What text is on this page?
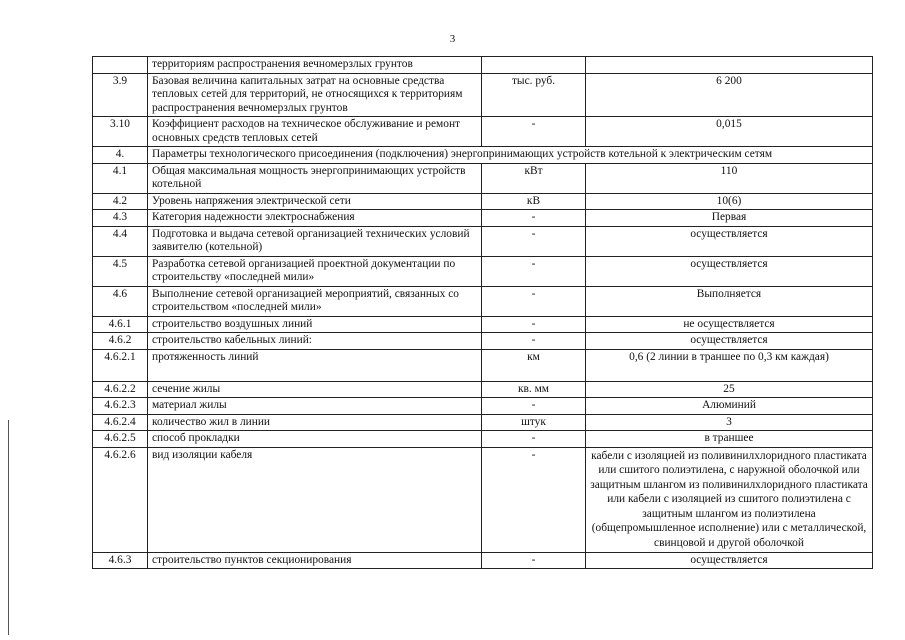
3
	территориям распространения вечномерзлых грунтов		
3.9	Базовая величина капитальных затрат на основные средства тепловых сетей для территорий, не относящихся к территориям распространения вечномерзлых грунтов	тыс. руб.	6 200
3.10	Коэффициент расходов на техническое обслуживание и ремонт основных средств тепловых сетей	-	0,015
4.	Параметры технологического присоединения (подключения) энергопринимающих устройств котельной к электрическим сетям		
4.1	Общая максимальная мощность энергопринимающих устройств котельной	кВт	110
4.2	Уровень напряжения электрической сети	кВ	10(6)
4.3	Категория надежности электроснабжения	-	Первая
4.4	Подготовка и выдача сетевой организацией технических условий заявителю (котельной)	-	осуществляется
4.5	Разработка сетевой организацией проектной документации по строительству «последней мили»	-	осуществляется
4.6	Выполнение сетевой организацией мероприятий, связанных со строительством «последней мили»	-	Выполняется
4.6.1	строительство воздушных линий	-	не осуществляется
4.6.2	строительство кабельных линий:	-	осуществляется
4.6.2.1	протяженность линий	км	0,6 (2 линии в траншее по 0,3 км каждая)
4.6.2.2	сечение жилы	кв. мм	25
4.6.2.3	материал жилы	-	Алюминий
4.6.2.4	количество жил в линии	штук	3
4.6.2.5	способ прокладки	-	в траншее
4.6.2.6	вид изоляции кабеля	-	кабели с изоляцией из поливинилхлоридного пластиката или сшитого полиэтилена, с наружной оболочкой или защитным шлангом из поливинилхлоридного пластиката или кабели с изоляцией из сшитого полиэтилена с защитным шлангом из полиэтилена (общепромышленное исполнение) или с металлической, свинцовой и другой оболочкой
4.6.3	строительство пунктов секционирования	-	осуществляется
